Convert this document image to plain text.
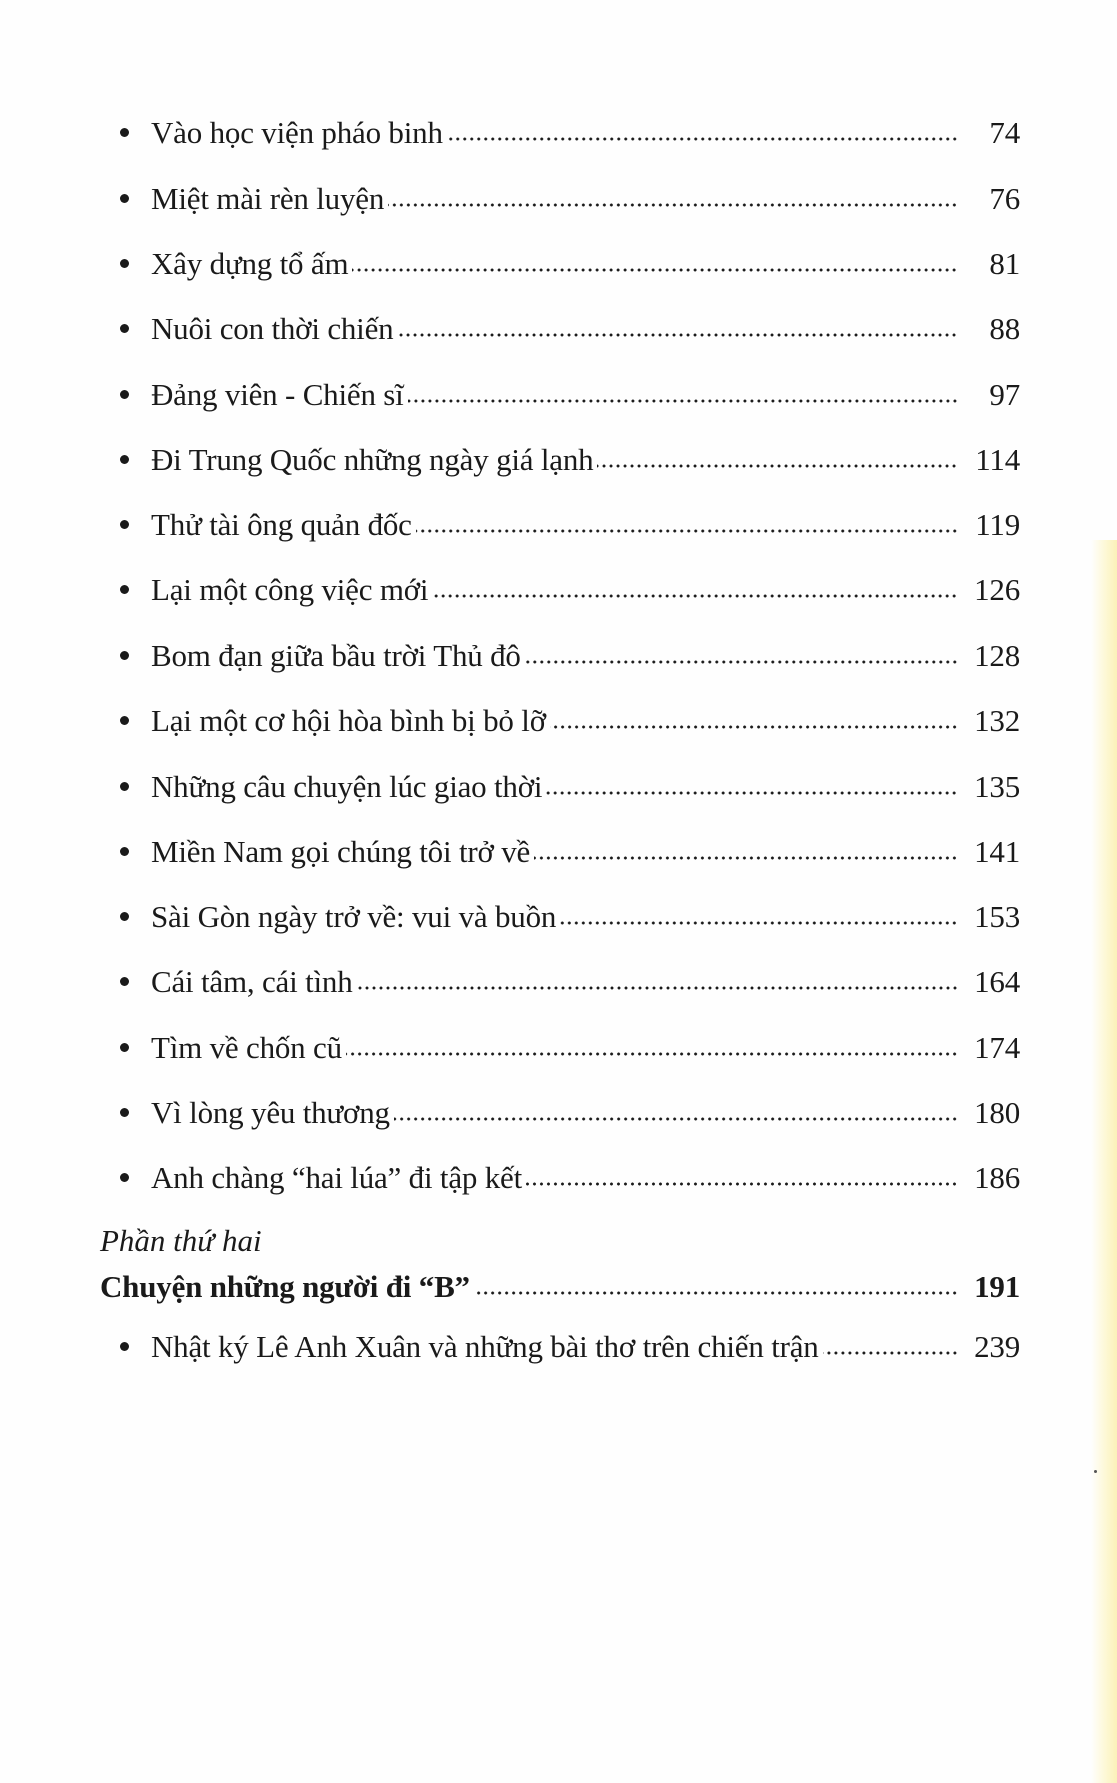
Vào học viện pháo binh	74
Miệt mài rèn luyện	76
Xây dựng tổ ấm	81
Nuôi con thời chiến	88
Đảng viên - Chiến sĩ	97
Đi Trung Quốc những ngày giá lạnh	114
Thử tài ông quản đốc	119
Lại một công việc mới	126
Bom đạn giữa bầu trời Thủ đô	128
Lại một cơ hội hòa bình bị bỏ lỡ	132
Những câu chuyện lúc giao thời	135
Miền Nam gọi chúng tôi trở về	141
Sài Gòn ngày trở về: vui và buồn	153
Cái tâm, cái tình	164
Tìm về chốn cũ	174
Vì lòng yêu thương	180
Anh chàng “hai lúa” đi tập kết	186
Phần thứ hai
Chuyện những người đi “B”	191
Nhật ký Lê Anh Xuân và những bài thơ trên chiến trận	239
